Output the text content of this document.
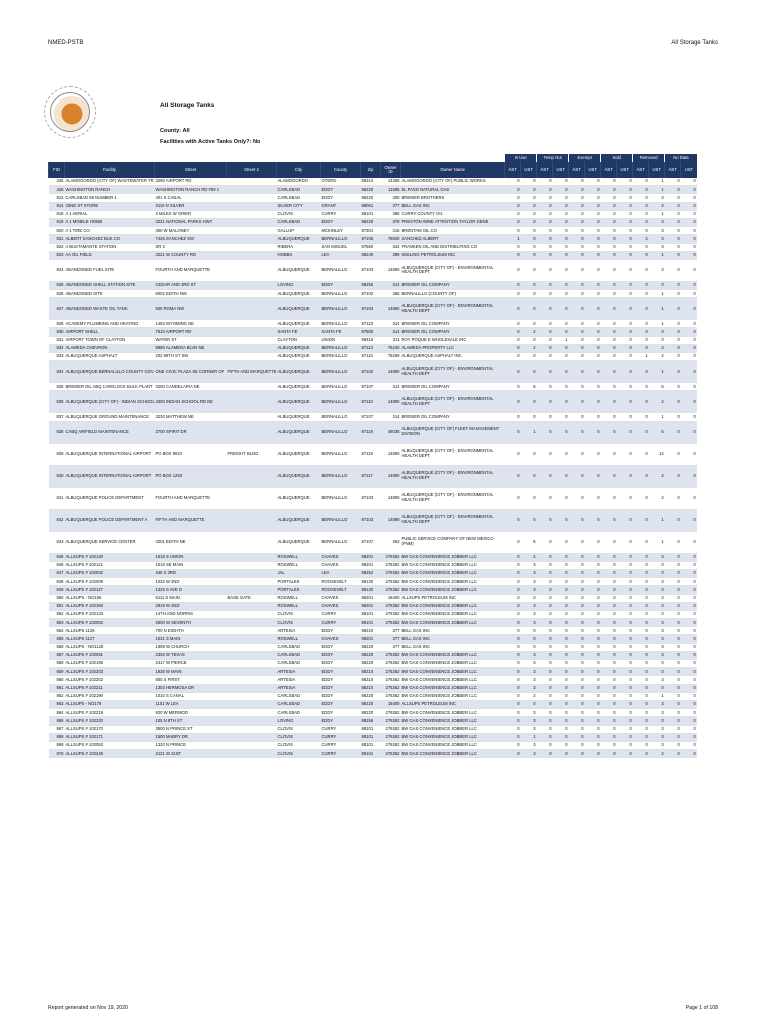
NMED-PSTB	All Storage Tanks
All Storage Tanks
County: All
Facilities with Active Tanks Only?: No
									In Use		Temp Out		Exempt		Sold		Removed		No Data	
FID	Facility	Street	Street 2	City	County	Zip	Owner ID	Owner Name	AST	UST	AST	UST	AST	UST	AST	UST	AST	UST	AST	UST
345	ALAMOGORDO (CITY OF) WASTEWATER TR	3290 AIRPORT RD		ALAMOGORDO	OTERO	88310	14308	ALAMOGORDO (CITY OF) PUBLIC WORKS	0	0	0	0	0	0	0	0	0	1	0	0
425	WASHINGTON RANCH	WASHINGTON RANCH RD #59 1		CARLSBAD	EDDY	88220	11596	EL PASO NATURAL GAS	0	0	0	0	0	0	0	0	0	1	0	0
812	CARLSBAD 55 NUMBER 1	401 S CANAL		CARLSBAD	EDDY	88220	300	BREWER BROTHERS	0	0	0	0	0	0	0	0	0	3	0	0
814	32ND ST STORE	3110 N SILVER		SILVER CITY	GRANT	88061	377	BELL GAS INC	0	0	0	0	0	0	0	0	0	2	0	0
818	A 1 AERIAL	3 MILES W GRIER		CLOVIS	CURRY	88101	385	CURRY COUNTY OIL	0	0	0	0	0	0	0	0	0	1	0	0
819	A 1 MOBILE HOME	3221 NATIONAL PARKS HWY		CARLSBAD	EDDY	88220	379	PRESTON WINE ATTENTION TAYLOR GENE	0	0	0	0	0	0	0	0	0	3	0	0
820	A 1 TIRE CO	300 W MALONEY		GALLUP	MCKINLEY	87301	316	BRENTAM OIL CO	0	0	0	0	0	0	0	0	0	3	0	0
821	ALBERT SANCHEZ BUS CO	7426 SANCHEZ SW		ALBUQUERQUE	BERNALILLO	87105	75620	SANCHEZ ALBERT	1	0	0	0	0	0	0	0	2	3	0	0
822	A BUSTAMANTE STATION	SR 3		RIBERA	SAN MIGUEL	87560	342	FRANKEN OIL AND DISTRIBUTING CO	0	0	0	0	0	0	0	0	0	3	0	0
823	AA OIL FIELD	3221 W COUNTY RD		HOBBS	LEA	88240	389	KEELING PETROLEUM INC	0	0	0	0	0	0	0	0	0	1	0	0
824	ABANDONED FUEL SITE	FOURTH AND MARQUETTE		ALBUQUERQUE	BERNALILLO	87103	14890	ALBUQUERQUE (CITY OF) - ENVIRONMENTAL HEALTH DEPT	0	0	0	0	0	0	0	0	0	3	0	0
825	ABANDONED SHELL STATION SITE	CEDAR AND 3RD ST		LOVING	EDDY	88256	314	BREWER OIL COMPANY	0	0	0	0	0	0	0	0	0	0	0	0
826	ABANDONED SITE	6002 EDITH NW		ALBUQUERQUE	BERNALILLO	87102	365	BERNALILLO (COUNTY OF)	0	0	0	0	0	0	0	0	0	1	0	0
827	ABANDONED WASTE OIL TANK	500 ROMA NW		ALBUQUERQUE	BERNALILLO	87103	14890	ALBUQUERQUE (CITY OF) - ENVIRONMENTAL HEALTH DEPT	0	0	0	0	0	0	0	0	0	1	0	0
828	ACADEMY PLUMBING AND HEATING	1453 WYOMING NE		ALBUQUERQUE	BERNALILLO	87123	314	BREWER OIL COMPANY	0	0	0	0	0	0	0	0	0	1	0	0
830	AIRPORT SHELL	7510 AIRPORT RD		SANTA FE	SANTA FE	87505	314	BREWER OIL COMPANY	0	2	0	0	0	0	0	0	0	0	0	0
831	AIRPORT TOWN OF CLAYTON	WATER ST		CLAYTON	UNION	88415	311	ROY POQUE E WHOLESALE INC	0	0	0	1	0	0	0	0	0	0	0	0
832	ALAMEDA CHEVRON	5980 ALAMEDA BLVD NE		ALBUQUERQUE	BERNALILLO	87113	76240	ALAMEDA PROPERTY LLC	0	2	0	0	0	0	0	0	0	3	0	0
833	ALBUQUERQUE ASPHALT	202 98TH ST SW		ALBUQUERQUE	BERNALILLO	87121	76269	ALBUQUERQUE ASPHALT INC	0	0	0	0	0	0	0	0	1	2	0	0
834	ALBUQUERQUE BERNALILLO COUNTY GOV	ONE CIVIC PLAZA SE CORNER OF	FIFTH AND MARQUETTE	ALBUQUERQUE	BERNALILLO	87102	14890	ALBUQUERQUE (CITY OF) - ENVIRONMENTAL HEALTH DEPT	0	0	0	0	0	0	0	0	0	1	0	0
835	BREWER OIL ABQ CARDLOCK BULK PLANT	3200 CANDELARIA NE		ALBUQUERQUE	BERNALILLO	87107	314	BREWER OIL COMPANY	0	6	0	0	0	0	0	0	0	6	0	0
836	ALBUQUERQUE (CITY OF) - INDIAN SCHOOL	3300 INDIAN SCHOOL RD NE		ALBUQUERQUE	BERNALILLO	87110	14890	ALBUQUERQUE (CITY OF) - ENVIRONMENTAL HEALTH DEPT	0	0	0	0	0	0	0	0	0	2	0	0
837	ALBUQUERQUE GROUND MAINTENANCE	3230 MATTHEW NE		ALBUQUERQUE	BERNALILLO	87107	314	BREWER OIL COMPANY	0	0	0	0	0	0	0	0	0	1	0	0
838	CABQ AIRFIELD MAINTENANCE	3700 SPIRIT DR		ALBUQUERQUE	BERNALILLO	87119	48035	ALBUQUERQUE (CITY OF) FLEET MANAGEMENT DIVISION	0	1	0	0	0	0	0	0	0	6	0	0
839	ALBUQUERQUE INTERNATIONAL AIRPORT	PO BOX 9022	FREIGHT BLDG	ALBUQUERQUE	BERNALILLO	87119	14890	ALBUQUERQUE (CITY OF) - ENVIRONMENTAL HEALTH DEPT	0	0	0	0	0	0	0	0	0	14	0	0
840	ALBUQUERQUE INTERNATIONAL AIRPORT	PO BOX 1293		ALBUQUERQUE	BERNALILLO	87117	14890	ALBUQUERQUE (CITY OF) - ENVIRONMENTAL HEALTH DEPT	0	0	0	0	0	0	0	0	0	2	0	0
841	ALBUQUERQUE POLICE DEPARTMENT	FOURTH AND MARQUETTE		ALBUQUERQUE	BERNALILLO	87103	14890	ALBUQUERQUE (CITY OF) - ENVIRONMENTAL HEALTH DEPT	0	0	0	0	0	0	0	0	0	2	0	0
842	ALBUQUERQUE POLICE DEPARTMENT A	FIFTH AND MARQUETTE		ALBUQUERQUE	BERNALILLO	87103	14890	ALBUQUERQUE (CITY OF) - ENVIRONMENTAL HEALTH DEPT	0	0	0	0	0	0	0	0	0	1	0	0
843	ALBUQUERQUE SERVICE CENTER	4201 EDITH NE		ALBUQUERQUE	BERNALILLO	87107	363	PUBLIC SERVICE COMPANY OF NEW MEXICO (PNM)	0	6	0	0	0	0	0	0	0	1	0	0
845	ALLSUPS # 102120	1618 S UNION		ROSWELL	CHAVES	88201	276362	BW GAS CONVENIENCE JOBBER LLC	0	2	0	0	0	0	0	0	0	3	0	0
846	ALLSUPS # 102121	1518 SE MAIN		ROSWELL	CHAVES	88201	276362	BW GAS CONVENIENCE JOBBER LLC	0	3	0	0	0	0	0	0	0	0	0	0
847	ALLSUPS # 102032	445 S 3RD		JAL	LEA	88252	276362	BW GAS CONVENIENCE JOBBER LLC	0	3	0	0	0	0	0	0	0	0	0	0
848	ALLSUPS # 102008	1032 W 2ND		PORTALES	ROOSEVELT	88130	276362	BW GAS CONVENIENCE JOBBER LLC	0	3	0	0	0	0	0	0	0	3	0	0
849	ALLSUPS # 102127	1325 S AVE D		PORTALES	ROOSEVELT	88130	276362	BW GAS CONVENIENCE JOBBER LLC	0	3	0	0	0	0	0	0	0	0	0	0
850	ALLSUPS - NO155	6111 S MAIN	BASE GATE	ROSWELL	CHAVES	88201	16400	ALLSUPS PETROLEUM INC	0	0	0	0	0	0	0	0	0	3	0	0
851	ALLSUPS # 102160	2919 W 2ND		ROSWELL	CHAVES	88201	276362	BW GAS CONVENIENCE JOBBER LLC	0	3	0	0	0	0	0	0	0	0	0	0
852	ALLSUPS # 102133	14TH AND NORRIS		CLOVIS	CURRY	88101	276362	BW GAS CONVENIENCE JOBBER LLC	0	3	0	0	0	0	0	0	0	0	0	0
853	ALLSUPS # 102002	2600 W SEVENTH		CLOVIS	CURRY	88101	276362	BW GAS CONVENIENCE JOBBER LLC	0	3	0	0	0	0	0	0	0	3	0	0
854	ALLSUPS 1126	700 N EIGHTH		ARTESIA	EDDY	88210	377	BELL GAS INC	0	0	0	0	0	0	0	0	0	3	0	0
855	ALLSUPS 1127	1021 S MAIN		ROSWELL	CHAVES	88201	377	BELL GAS INC	0	0	0	0	0	0	0	0	0	3	0	0
856	ALLSUPS - NO1128	1908 W CHURCH		CARLSBAD	EDDY	88220	377	BELL GAS INC	0	0	0	0	0	0	0	0	0	3	0	0
857	ALLSUPS # 102091	2302 W TEXAS		CARLSBAD	EDDY	88220	276362	BW GAS CONVENIENCE JOBBER LLC	0	3	0	0	0	0	0	0	0	3	0	0
858	ALLSUPS # 102195	2417 W PIERCE		CARLSBAD	EDDY	88220	276362	BW GAS CONVENIENCE JOBBER LLC	0	3	0	0	0	0	0	0	0	0	0	0
859	ALLSUPS # 102203	1930 W MAIN		ARTESIA	EDDY	88210	276362	BW GAS CONVENIENCE JOBBER LLC	0	3	0	0	0	0	0	0	0	0	0	0
860	ALLSUPS # 102202	800 S FIRST		ARTESIA	EDDY	88210	276362	BW GAS CONVENIENCE JOBBER LLC	0	3	0	0	0	0	0	0	0	3	0	0
861	ALLSUPS # 102211	1303 HERMOSA DR		ARTESIA	EDDY	88210	276362	BW GAS CONVENIENCE JOBBER LLC	0	3	0	0	0	0	0	0	0	0	0	0
862	ALLSUPS # 102190	1010 S CANAL		CARLSBAD	EDDY	88220	276362	BW GAS CONVENIENCE JOBBER LLC	0	2	0	0	0	0	0	0	0	1	0	0
863	ALLSUPS - NO179	1101 W LEA		CARLSBAD	EDDY	88220	16400	ALLSUPS PETROLEUM INC	0	0	0	0	0	0	0	0	0	3	0	0
864	ALLSUPS # 102219	920 W MERMOD		CARLSBAD	EDDY	88220	276362	BW GAS CONVENIENCE JOBBER LLC	0	3	0	0	0	0	0	0	0	3	0	0
866	ALLSUPS # 102220	105 N 8TH ST		LOVING	EDDY	88256	276362	BW GAS CONVENIENCE JOBBER LLC	0	3	0	0	0	0	0	0	0	0	0	0
867	ALLSUPS # 102170	3500 N PRINCE ST		CLOVIS	CURRY	88101	276362	BW GAS CONVENIENCE JOBBER LLC	0	3	0	0	0	0	0	0	0	3	0	0
868	ALLSUPS # 102171	1500 MABRY DR		CLOVIS	CURRY	88101	276362	BW GAS CONVENIENCE JOBBER LLC	0	1	0	0	0	0	0	0	0	3	0	0
869	ALLSUPS # 102053	1320 N PRINCE		CLOVIS	CURRY	88101	276362	BW GAS CONVENIENCE JOBBER LLC	0	3	0	0	0	0	0	0	0	3	0	0
870	ALLSUPS # 102248	2121 W 21ST		CLOVIS	CURRY	88101	276362	BW GAS CONVENIENCE JOBBER LLC	0	3	0	0	0	0	0	0	0	2	0	0
Report generated on Nov 19, 2020	Page 1 of 108
